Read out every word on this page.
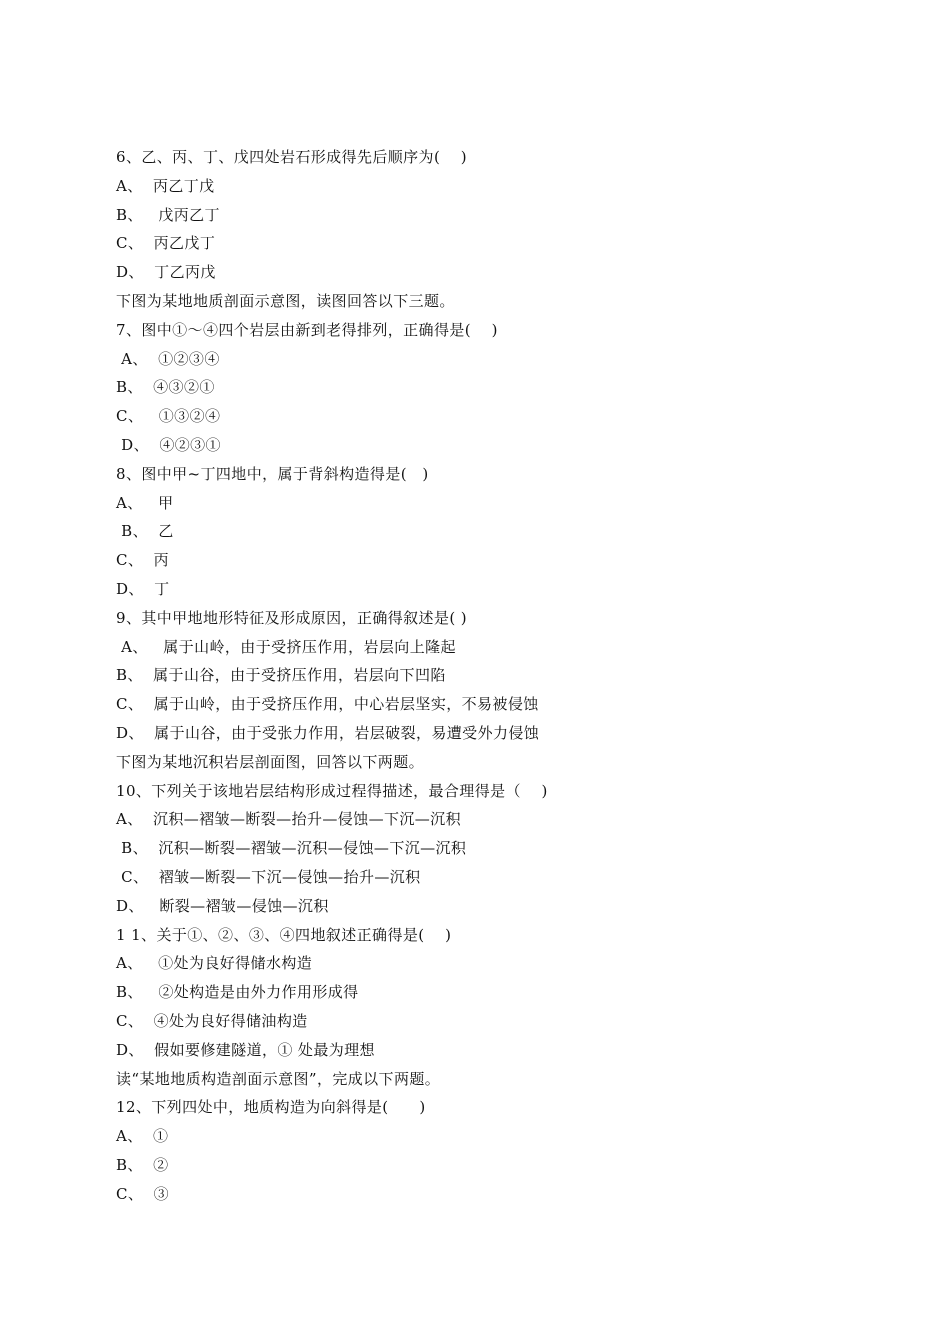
6、乙、丙、丁、戊四处岩石形成得先后顺序为(　 )
A、  丙乙丁戊
B、   戊丙乙丁
C、  丙乙戊丁
D、  丁乙丙戊
下图为某地地质剖面示意图，读图回答以下三题。
7、图中①～④四个岩层由新到老得排列，正确得是(　 )
A、  ①②③④
B、  ④③②①
C、   ①③②④
D、  ④②③①
8、图中甲~丁四地中，属于背斜构造得是(　)
A、   甲
B、  乙
C、  丙
D、  丁
9、其中甲地地形特征及形成原因，正确得叙述是( )
A、   属于山岭，由于受挤压作用，岩层向上隆起
B、  属于山谷，由于受挤压作用，岩层向下凹陷
C、  属于山岭，由于受挤压作用，中心岩层坚实，不易被侵蚀
D、  属于山谷，由于受张力作用，岩层破裂，易遭受外力侵蚀
下图为某地沉积岩层剖面图，回答以下两题。
10、下列关于该地岩层结构形成过程得描述，最合理得是（　 )
A、  沉积—褶皱—断裂—抬升—侵蚀—下沉—沉积
B、  沉积—断裂—褶皱—沉积—侵蚀—下沉—沉积
C、  褶皱—断裂—下沉—侵蚀—抬升—沉积
D、   断裂—褶皱—侵蚀—沉积
1 1、关于①、②、③、④四地叙述正确得是(　 )
A、   ①处为良好得储水构造
B、   ②处构造是由外力作用形成得
C、  ④处为良好得储油构造
D、  假如要修建隧道，① 处最为理想
读“某地地质构造剖面示意图”，完成以下两题。
12、下列四处中，地质构造为向斜得是(　　)
A、  ①
B、  ②
C、  ③
